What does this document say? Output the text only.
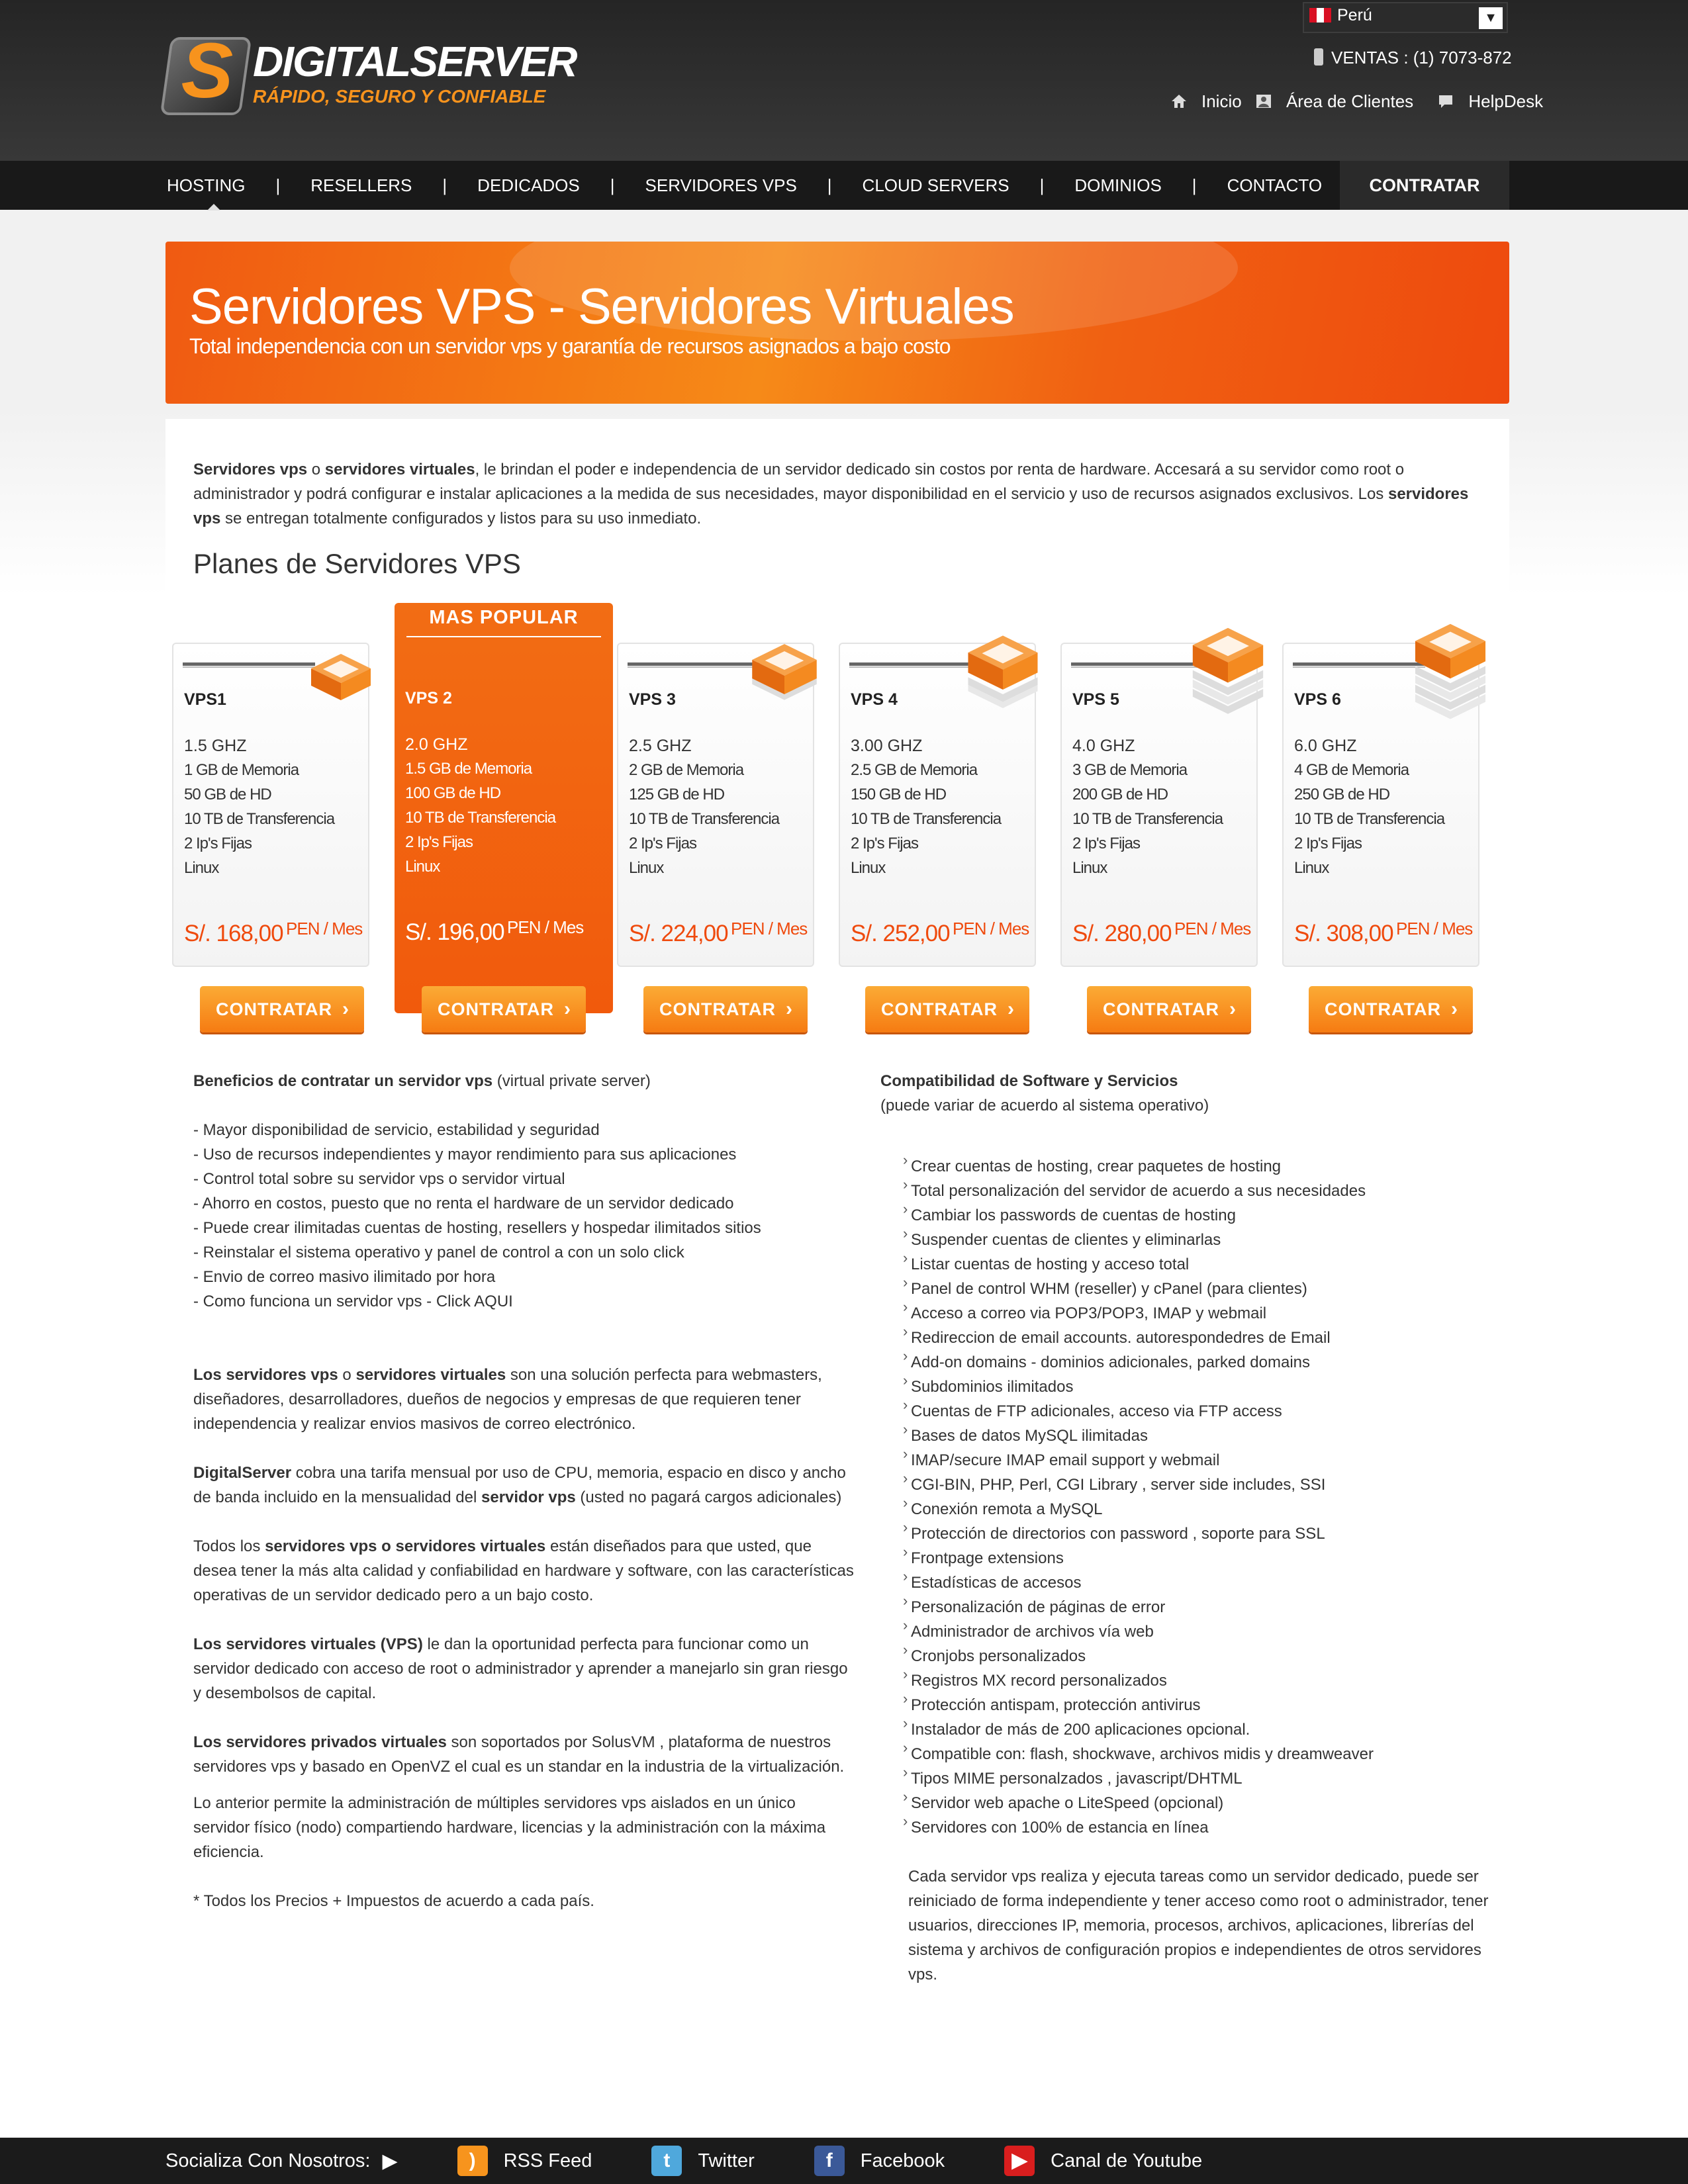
S DIGITALSERVER
RÁPIDO, SEGURO Y CONFIABLE
Perú	▼
VENTAS : (1) 7073-872
Inicio	Área de Clientes	HelpDesk
HOSTING | RESELLERS | DEDICADOS | SERVIDORES VPS | CLOUD SERVERS | DOMINIOS | CONTACTO	CONTRATAR
Servidores VPS - Servidores Virtuales
Total independencia con un servidor vps y garantía de recursos asignados a bajo costo

Servidores vps o servidores virtuales, le brindan el poder e independencia de un servidor dedicado sin costos por renta de hardware. Accesará a su servidor como root o administrador y podrá configurar e instalar aplicaciones a la medida de sus necesidades, mayor disponibilidad en el servicio y uso de recursos asignados exclusivos. Los servidores vps se entregan totalmente configurados y listos para su uso inmediato.

Planes de Servidores VPS
VPS1
1.5 GHZ
1 GB de Memoria
50 GB de HD
10 TB de Transferencia
2 Ip's Fijas
Linux
S/. 168,00 PEN / Mes
VPS 3
2.5 GHZ
2 GB de Memoria
125 GB de HD
10 TB de Transferencia
2 Ip's Fijas
Linux
S/. 224,00 PEN / Mes
VPS 4
3.00 GHZ
2.5 GB de Memoria
150 GB de HD
10 TB de Transferencia
2 Ip's Fijas
Linux
S/. 252,00 PEN / Mes
VPS 5
4.0 GHZ
3 GB de Memoria
200 GB de HD
10 TB de Transferencia
2 Ip's Fijas
Linux
S/. 280,00 PEN / Mes
VPS 6
6.0 GHZ
4 GB de Memoria
250 GB de HD
10 TB de Transferencia
2 Ip's Fijas
Linux
S/. 308,00 PEN / Mes
MAS POPULAR
VPS 2
2.0 GHZ
1.5 GB de Memoria
100 GB de HD
10 TB de Transferencia
2 Ip's Fijas
Linux
S/. 196,00 PEN / Mes
CONTRATAR ›	CONTRATAR ›	CONTRATAR ›	CONTRATAR ›	CONTRATAR ›	CONTRATAR ›
Beneficios de contratar un servidor vps (virtual private server)
- Mayor disponibilidad de servicio, estabilidad y seguridad
- Uso de recursos independientes y mayor rendimiento para sus aplicaciones
- Control total sobre su servidor vps o servidor virtual
- Ahorro en costos, puesto que no renta el hardware de un servidor dedicado
- Puede crear ilimitadas cuentas de hosting, resellers y hospedar ilimitados sitios
- Reinstalar el sistema operativo y panel de control a con un solo click
- Envio de correo masivo ilimitado por hora
- Como funciona un servidor vps - Click AQUI

Los servidores vps o servidores virtuales son una solución perfecta para webmasters, diseñadores, desarrolladores, dueños de negocios y empresas de que requieren tener independencia y realizar envios masivos de correo electrónico.

DigitalServer cobra una tarifa mensual por uso de CPU, memoria, espacio en disco y ancho de banda incluido en la mensualidad del servidor vps (usted no pagará cargos adicionales)

Todos los servidores vps o servidores virtuales están diseñados para que usted, que desea tener la más alta calidad y confiabilidad en hardware y software, con las características operativas de un servidor dedicado pero a un bajo costo.

Los servidores virtuales (VPS) le dan la oportunidad perfecta para funcionar como un servidor dedicado con acceso de root o administrador y aprender a manejarlo sin gran riesgo y desembolsos de capital.

Los servidores privados virtuales son soportados por SolusVM , plataforma de nuestros servidores vps y basado en OpenVZ el cual es un standar en la industria de la virtualización.

Lo anterior permite la administración de múltiples servidores vps aislados en un único servidor físico (nodo) compartiendo hardware, licencias y la administración con la máxima eficiencia.

* Todos los Precios + Impuestos de acuerdo a cada país.

Compatibilidad de Software y Servicios
(puede variar de acuerdo al sistema operativo)
› Crear cuentas de hosting, crear paquetes de hosting
› Total personalización del servidor de acuerdo a sus necesidades
› Cambiar los passwords de cuentas de hosting
› Suspender cuentas de clientes y eliminarlas
› Listar cuentas de hosting y acceso total
› Panel de control WHM (reseller) y cPanel (para clientes)
› Acceso a correo via POP3/POP3, IMAP y webmail
› Redireccion de email accounts. autorespondedres de Email
› Add-on domains - dominios adicionales, parked domains
› Subdominios ilimitados
› Cuentas de FTP adicionales, acceso via FTP access
› Bases de datos MySQL ilimitadas
› IMAP/secure IMAP email support y webmail
› CGI-BIN, PHP, Perl, CGI Library , server side includes, SSI
› Conexión remota a MySQL
› Protección de directorios con password , soporte para SSL
› Frontpage extensions
› Estadísticas de accesos
› Personalización de páginas de error
› Administrador de archivos vía web
› Cronjobs personalizados
› Registros MX record personalizados
› Protección antispam, protección antivirus
› Instalador de más de 200 aplicaciones opcional.
› Compatible con: flash, shockwave, archivos midis y dreamweaver
› Tipos MIME personalzados , javascript/DHTML
› Servidor web apache o LiteSpeed (opcional)
› Servidores con 100% de estancia en línea

Cada servidor vps realiza y ejecuta tareas como un servidor dedicado, puede ser reiniciado de forma independiente y tener acceso como root o administrador, tener usuarios, direcciones IP, memoria, procesos, archivos, aplicaciones, librerías del sistema y archivos de configuración propios e independientes de otros servidores vps.

Socializa Con Nosotros: ▶	)	RSS Feed	t	Twitter	f	Facebook	▶	Canal de Youtube
